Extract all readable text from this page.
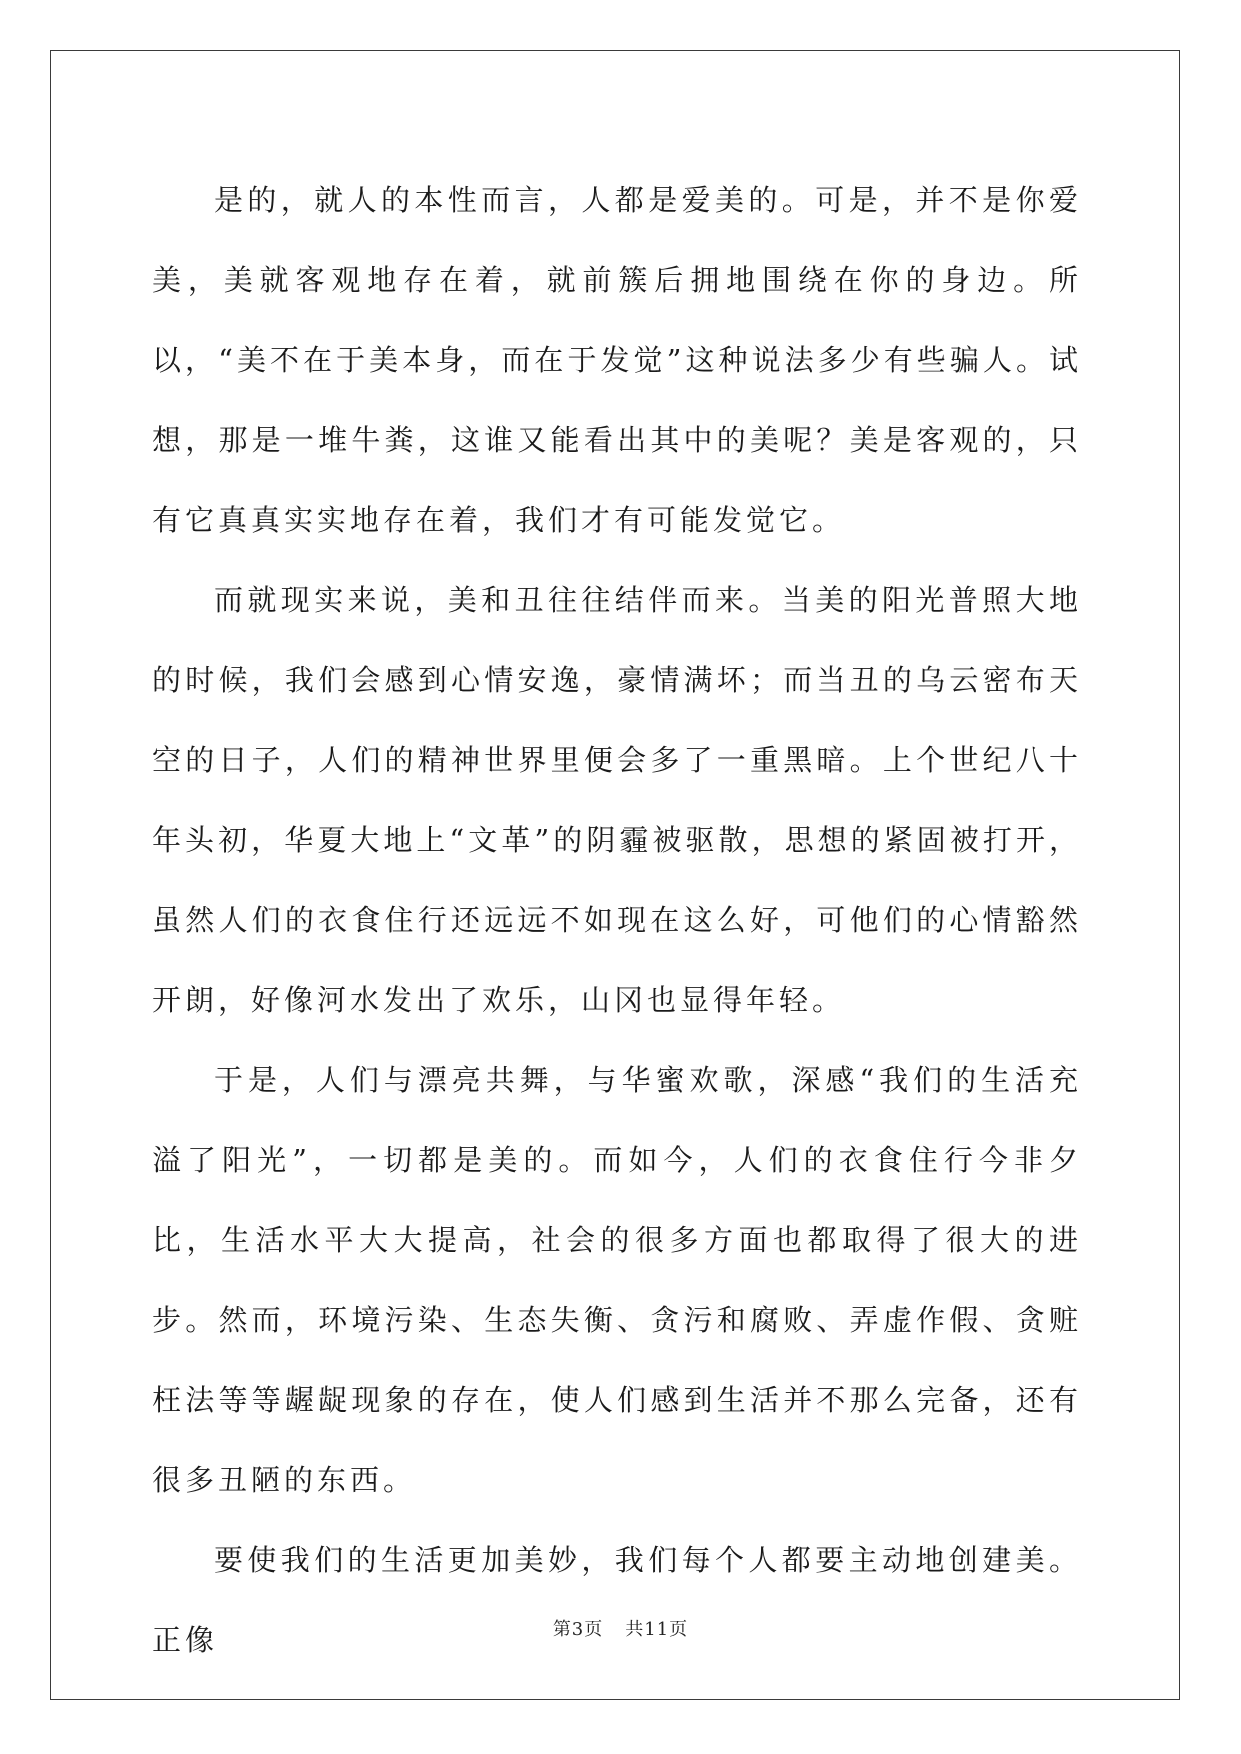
是的，就人的本性而言，人都是爱美的。可是，并不是你爱美，美就客观地存在着，就前簇后拥地围绕在你的身边。所以，“美不在于美本身，而在于发觉”这种说法多少有些骗人。试想，那是一堆牛粪，这谁又能看出其中的美呢？美是客观的，只有它真真实实地存在着，我们才有可能发觉它。

而就现实来说，美和丑往往结伴而来。当美的阳光普照大地的时候，我们会感到心情安逸，豪情满坏；而当丑的乌云密布天空的日子，人们的精神世界里便会多了一重黑暗。上个世纪八十年头初，华夏大地上“文革”的阴霾被驱散，思想的紧固被打开，虽然人们的衣食住行还远远不如现在这么好，可他们的心情豁然开朗，好像河水发出了欢乐，山冈也显得年轻。

于是，人们与漂亮共舞，与华蜜欢歌，深感“我们的生活充溢了阳光”，一切都是美的。而如今，人们的衣食住行今非夕比，生活水平大大提高，社会的很多方面也都取得了很大的进步。然而，环境污染、生态失衡、贪污和腐败、弄虚作假、贪赃枉法等等龌龊现象的存在，使人们感到生活并不那么完备，还有很多丑陋的东西。

要使我们的生活更加美妙，我们每个人都要主动地创建美。正像	第3页 共11页
